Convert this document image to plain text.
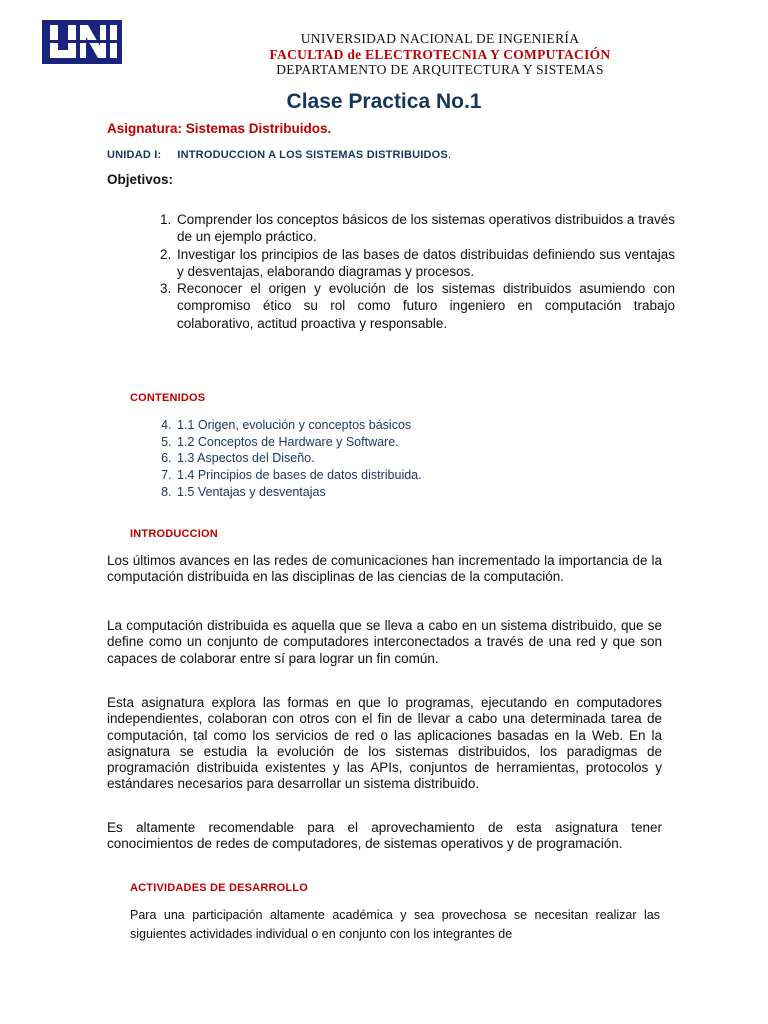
UNIVERSIDAD NACIONAL DE INGENIERÍA
FACULTAD de ELECTROTECNIA Y COMPUTACIÓN
DEPARTAMENTO DE ARQUITECTURA Y SISTEMAS
Clase Practica No.1
Asignatura: Sistemas Distribuidos.
UNIDAD I: INTRODUCCION A LOS SISTEMAS DISTRIBUIDOS.
Objetivos:
1. Comprender los conceptos básicos de los sistemas operativos distribuidos a través de un ejemplo práctico.
2. Investigar los principios de las bases de datos distribuidas definiendo sus ventajas y desventajas, elaborando diagramas y procesos.
3. Reconocer el origen y evolución de los sistemas distribuidos asumiendo con compromiso ético su rol como futuro ingeniero en computación trabajo colaborativo, actitud proactiva y responsable.
CONTENIDOS
4. 1.1 Origen, evolución y conceptos básicos
5. 1.2 Conceptos de Hardware y Software.
6. 1.3 Aspectos del Diseño.
7. 1.4 Principios de bases de datos distribuida.
8. 1.5 Ventajas y desventajas
INTRODUCCION
Los últimos avances en las redes de comunicaciones han incrementado la importancia de la computación distribuida en las disciplinas de las ciencias de la computación.
La computación distribuida es aquella que se lleva a cabo en un sistema distribuido, que se define como un conjunto de computadores interconectados a través de una red y que son capaces de colaborar entre sí para lograr un fin común.
Esta asignatura explora las formas en que lo programas, ejecutando en computadores independientes, colaboran con otros con el fin de llevar a cabo una determinada tarea de computación, tal como los servicios de red o las aplicaciones basadas en la Web. En la asignatura se estudia la evolución de los sistemas distribuidos, los paradigmas de programación distribuida existentes y las APIs, conjuntos de herramientas, protocolos y estándares necesarios para desarrollar un sistema distribuido.
Es altamente recomendable para el aprovechamiento de esta asignatura tener conocimientos de redes de computadores, de sistemas operativos y de programación.
ACTIVIDADES DE DESARROLLO
Para una participación altamente académica y sea provechosa se necesitan realizar las siguientes actividades individual o en conjunto con los integrantes de
